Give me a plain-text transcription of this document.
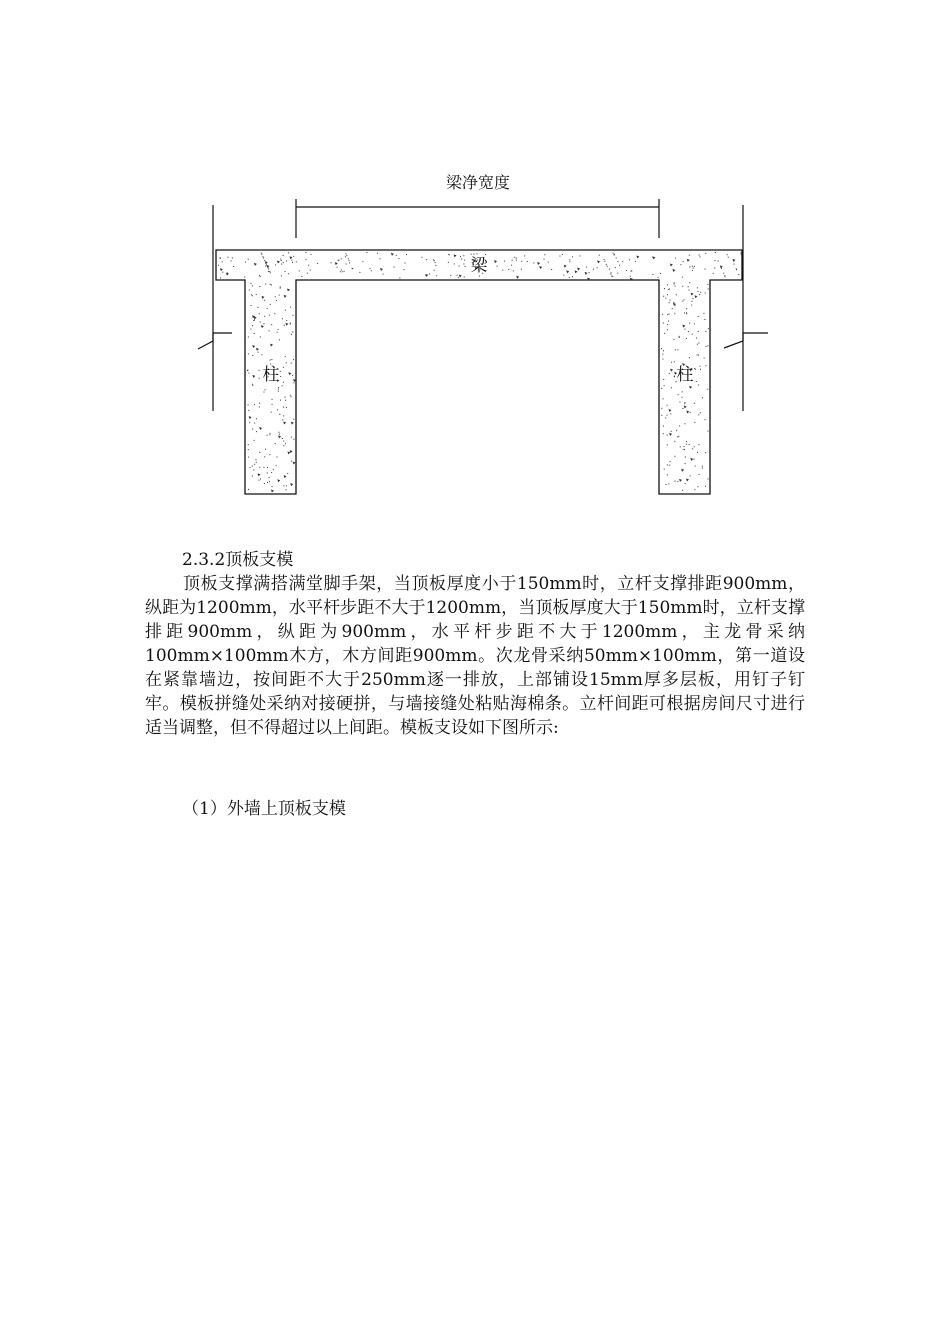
梁净宽度
梁
柱	柱
2.3.2顶板支模
顶板支撑满搭满堂脚手架，当顶板厚度小于150mm时，立杆支撑排距900mm，纵距为1200mm，水平杆步距不大于1200mm，当顶板厚度大于150mm时，立杆支撑排距900mm，纵距为900mm，水平杆步距不大于1200mm，主龙骨采纳100mm×100mm木方，木方间距900mm。次龙骨采纳50mm×100mm，第一道设在紧靠墙边，按间距不大于250mm逐一排放，上部铺设15mm厚多层板，用钉子钉牢。模板拼缝处采纳对接硬拼，与墙接缝处粘贴海棉条。立杆间距可根据房间尺寸进行适当调整，但不得超过以上间距。模板支设如下图所示:
（1）外墙上顶板支模
